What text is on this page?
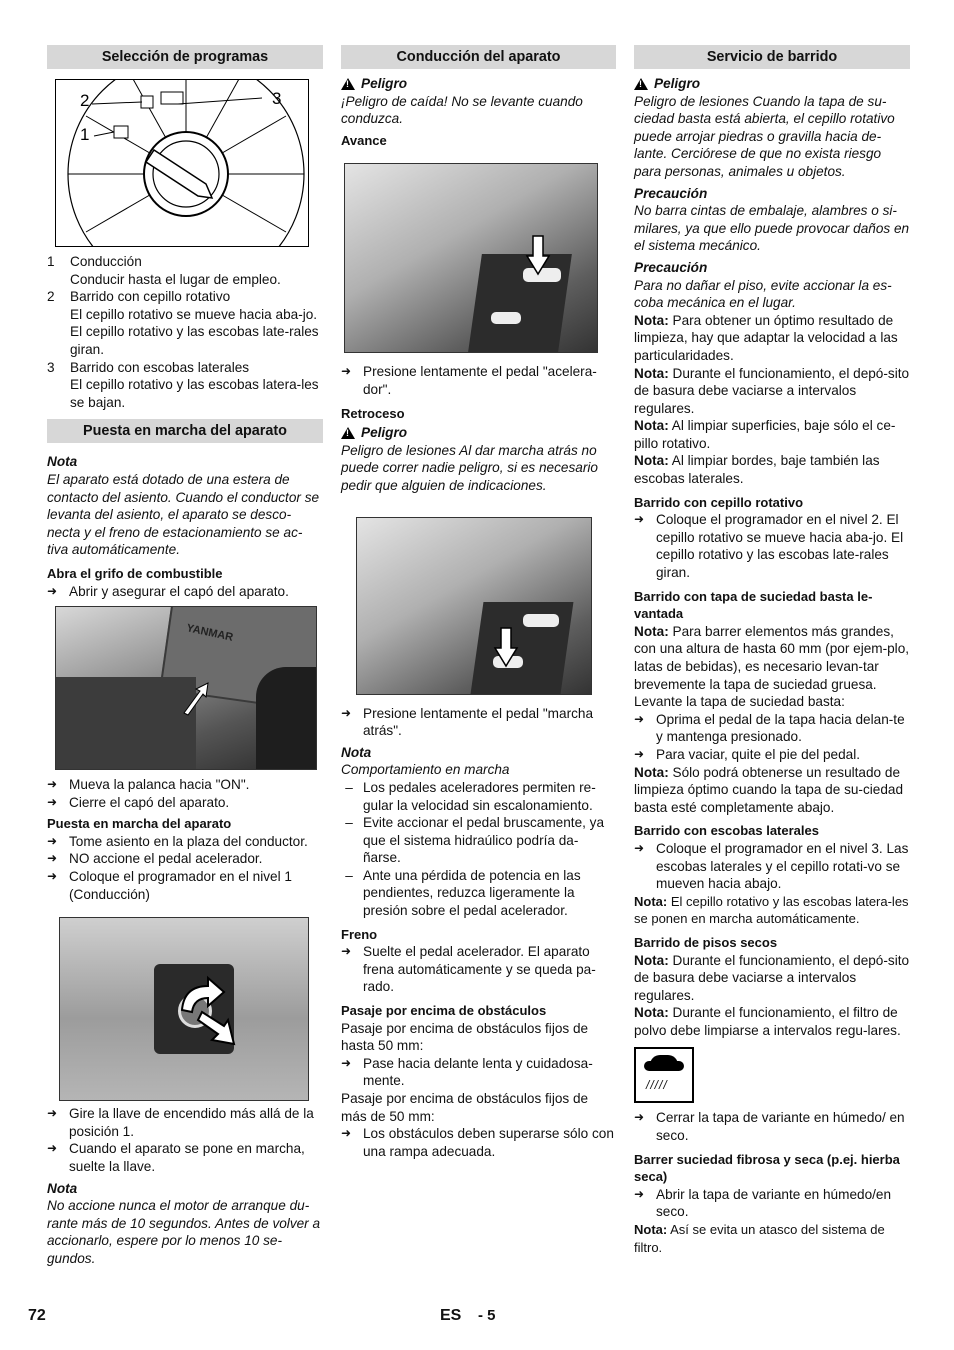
Selección de programas
2
1
3
1	Conducción

Conducir hasta el lugar de empleo.

2	Barrido con cepillo rotativo

El cepillo rotativo se mueve hacia aba-jo. El cepillo rotativo y las escobas late-rales giran.

3	Barrido con escobas laterales

El cepillo rotativo y las escobas latera-les se bajan.

Puesta en marcha del aparato

Nota

El aparato está dotado de una estera de contacto del asiento. Cuando el conductor se levanta del asiento, el aparato se desco-necta y el freno de estacionamiento se ac-tiva automáticamente.

Abra el grifo de combustible

➜ Abrir y asegurar el capó del aparato.
YANMAR
➜ Mueva la palanca hacia "ON".
➜ Cierre el capó del aparato.

Puesta en marcha del aparato

➜ Tome asiento en la plaza del conductor.
➜ NO accione el pedal acelerador.
➜ Coloque el programador en el nivel 1 (Conducción)
➜ Gire la llave de encendido más allá de la posición 1.
➜ Cuando el aparato se pone en marcha, suelte la llave.

Nota

No accione nunca el motor de arranque du-rante más de 10 segundos. Antes de volver a accionarlo, espere por lo menos 10 se-gundos.

Conducción del aparato
!
Peligro

¡Peligro de caída! No se levante cuando conduzca.

Avance

➜ Presione lentamente el pedal "acelera-dor".

Retroceso

!
Peligro

Peligro de lesiones Al dar marcha atrás no puede correr nadie peligro, si es necesario pedir que alguien de indicaciones.

➜ Presione lentamente el pedal "marcha atrás".

Nota

Comportamiento en marcha

– Los pedales aceleradores permiten re-gular la velocidad sin escalonamiento.
– Evite accionar el pedal bruscamente, ya que el sistema hidraúlico podría da-ñarse.
– Ante una pérdida de potencia en las pendientes, reduzca ligeramente la presión sobre el pedal acelerador.

Freno

➜ Suelte el pedal acelerador. El aparato frena automáticamente y se queda pa-rado.

Pasaje por encima de obstáculos

Pasaje por encima de obstáculos fijos de hasta 50 mm:

➜ Pase hacia delante lenta y cuidadosa-mente.

Pasaje por encima de obstáculos fijos de más de 50 mm:

➜ Los obstáculos deben superarse sólo con una rampa adecuada.
Servicio de barrido
!
Peligro

Peligro de lesiones Cuando la tapa de su-ciedad basta está abierta, el cepillo rotativo puede arrojar piedras o gravilla hacia de-lante. Cerciórese de que no exista riesgo para personas, animales u objetos.

Precaución

No barra cintas de embalaje, alambres o si-milares, ya que ello puede provocar daños en el sistema mecánico.

Precaución

Para no dañar el piso, evite accionar la es-coba mecánica en el lugar.

Nota: Para obtener un óptimo resultado de limpieza, hay que adaptar la velocidad a las particularidades.

Nota: Durante el funcionamiento, el depó-sito de basura debe vaciarse a intervalos regulares.

Nota: Al limpiar superficies, baje sólo el ce-pillo rotativo.

Nota: Al limpiar bordes, baje también las escobas laterales.

Barrido con cepillo rotativo

➜ Coloque el programador en el nivel 2. El cepillo rotativo se mueve hacia aba-jo. El cepillo rotativo y las escobas late-rales giran.

Barrido con tapa de suciedad basta le-vantada

Nota: Para barrer elementos más grandes, con una altura de hasta 60 mm (por ejem-plo, latas de bebidas), es necesario levan-tar brevemente la tapa de suciedad gruesa. Levante la tapa de suciedad basta:

➜ Oprima el pedal de la tapa hacia delan-te y mantenga presionado.
➜ Para vaciar, quite el pie del pedal.

Nota: Sólo podrá obtenerse un resultado de limpieza óptimo cuando la tapa de su-ciedad basta esté completamente abajo.

Barrido con escobas laterales

➜ Coloque el programador en el nivel 3. Las escobas laterales y el cepillo rotati-vo se mueven hacia abajo.

Nota: El cepillo rotativo y las escobas latera-les se ponen en marcha automáticamente.

Barrido de pisos secos

Nota: Durante el funcionamiento, el depó-sito de basura debe vaciarse a intervalos regulares.

Nota: Durante el funcionamiento, el filtro de polvo debe limpiarse a intervalos regu-lares.

/////
➜ Cerrar la tapa de variante en húmedo/ en seco.

Barrer suciedad fibrosa y seca (p.ej. hierba seca)

➜ Abrir la tapa de variante en húmedo/en seco.

Nota: Así se evita un atasco del sistema de filtro.

72	ES - 5
